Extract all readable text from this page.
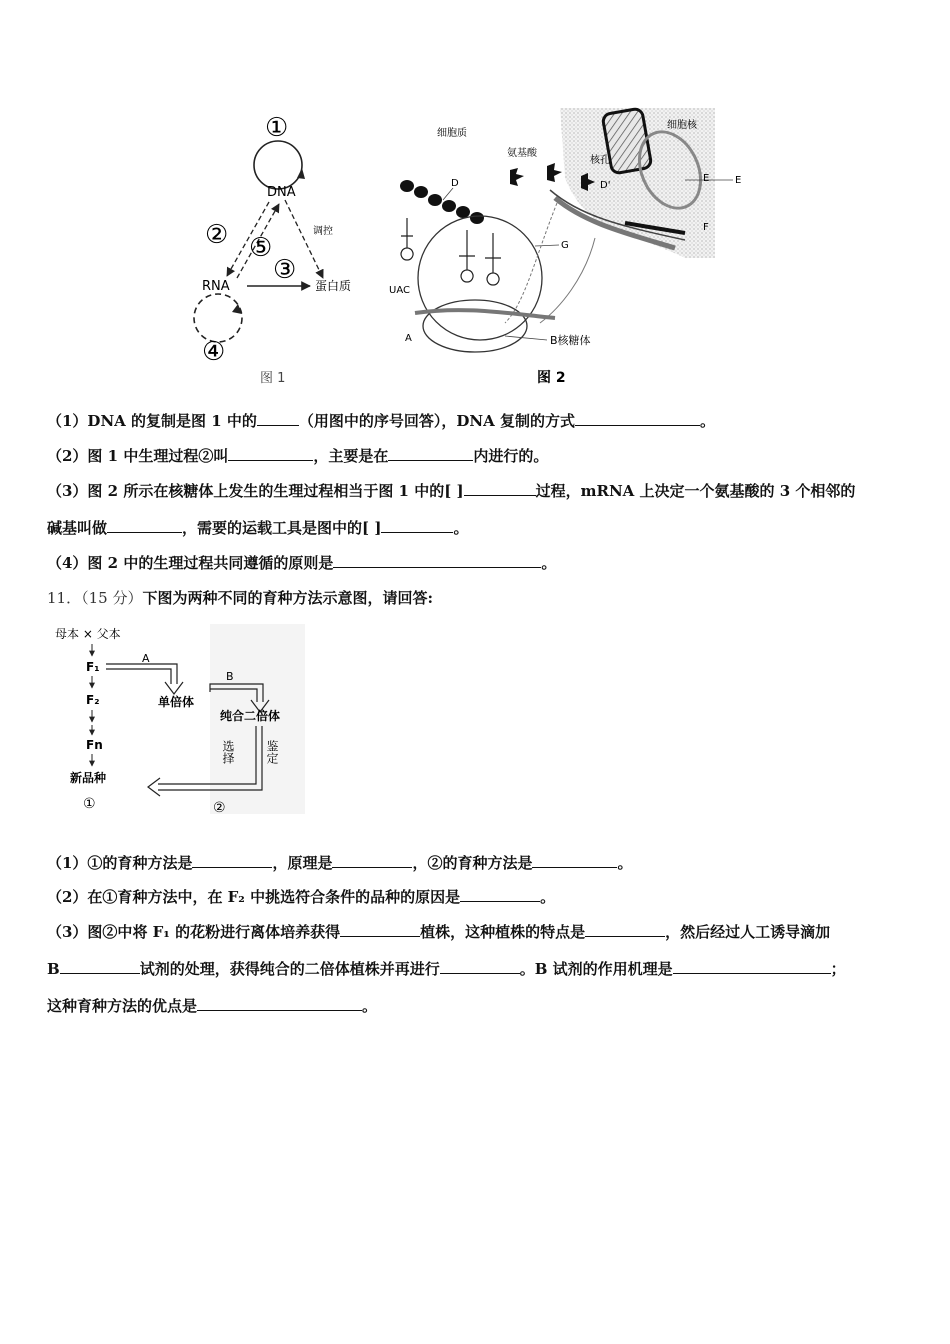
①
DNA
调控
② ⑤
③
RNA	蛋白质
④
图 1
细胞核
核孔
D'	E
E
F
细胞质
氨基酸
D
UAC
G
A	B核糖体
图 2
（1）DNA 的复制是图 1 中的	（用图中的序号回答），DNA 复制的方式	。
（2）图 1 中生理过程②叫	，主要是在	内进行的。
（3）图 2 所示在核糖体上发生的生理过程相当于图 1 中的[ ]	过程，mRNA 上决定一个氨基酸的 3 个相邻的
碱基叫做	，需要的运载工具是图中的[ ]	。
（4）图 2 中的生理过程共同遵循的原则是	。
11．（15 分）下图为两种不同的育种方法示意图，请回答:
母本 × 父本
F₁
F₂
Fn
新品种
①
A
单倍体
B
纯合二倍体
选择	鉴定
②
（1）①的育种方法是	，原理是	，②的育种方法是	。
（2）在①育种方法中，在 F₂ 中挑选符合条件的品种的原因是	。
（3）图②中将 F₁ 的花粉进行离体培养获得	植株，这种植株的特点是	，然后经过人工诱导滴加
B	试剂的处理，获得纯合的二倍体植株并再进行	。B 试剂的作用机理是	；
这种育种方法的优点是	。
